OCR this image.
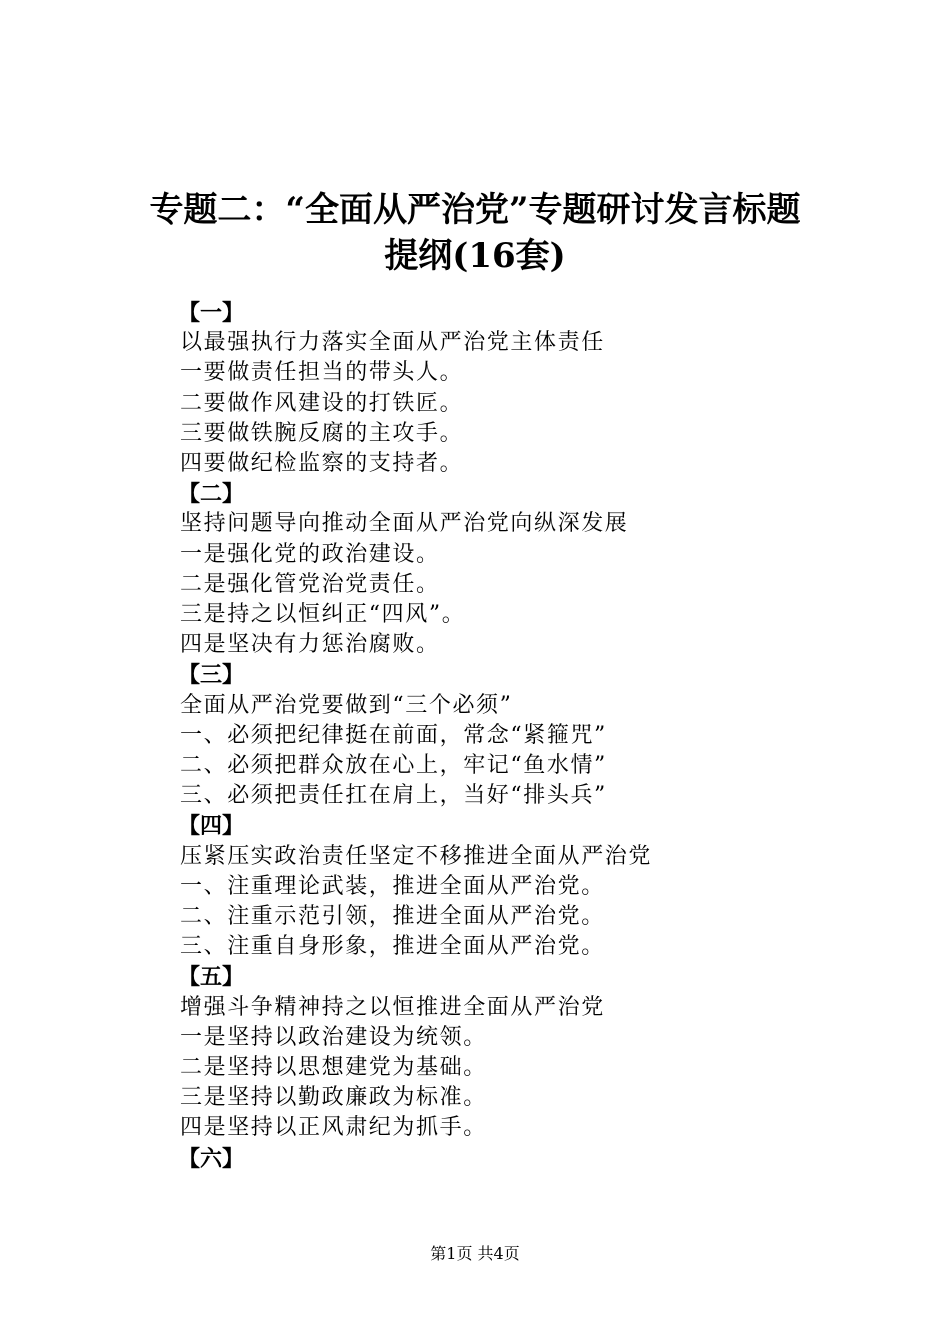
专题二：“全面从严治党”专题研讨发言标题
提纲(16套)
【一】
以最强执行力落实全面从严治党主体责任
一要做责任担当的带头人。
二要做作风建设的打铁匠。
三要做铁腕反腐的主攻手。
四要做纪检监察的支持者。
【二】
坚持问题导向推动全面从严治党向纵深发展
一是强化党的政治建设。
二是强化管党治党责任。
三是持之以恒纠正“四风”。
四是坚决有力惩治腐败。
【三】
全面从严治党要做到“三个必须”
一、必须把纪律挺在前面，常念“紧箍咒”
二、必须把群众放在心上，牢记“鱼水情”
三、必须把责任扛在肩上，当好“排头兵”
【四】
压紧压实政治责任坚定不移推进全面从严治党
一、注重理论武装，推进全面从严治党。
二、注重示范引领，推进全面从严治党。
三、注重自身形象，推进全面从严治党。
【五】
增强斗争精神持之以恒推进全面从严治党
一是坚持以政治建设为统领。
二是坚持以思想建党为基础。
三是坚持以勤政廉政为标准。
四是坚持以正风肃纪为抓手。
【六】
第1页 共4页
